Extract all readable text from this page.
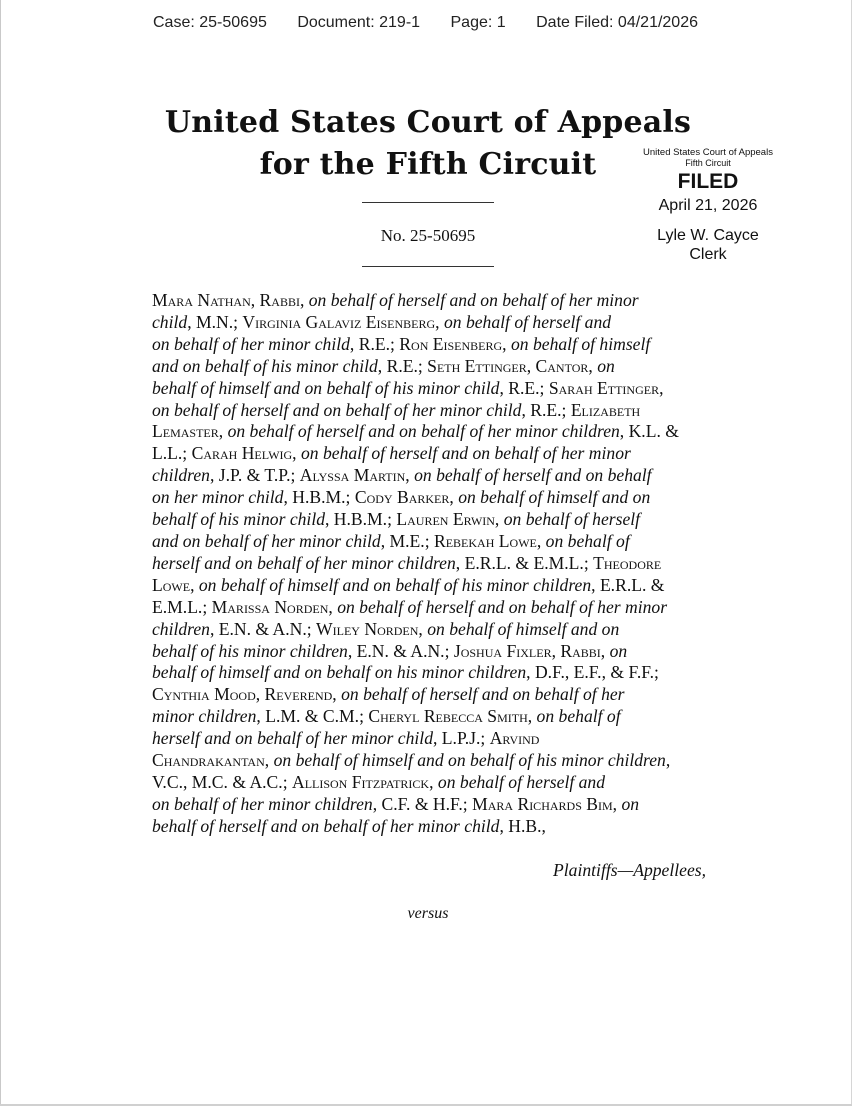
Case: 25-50695 Document: 219-1 Page: 1 Date Filed: 04/21/2026
United States Court of Appeals
for the Fifth Circuit
No. 25-50695
United States Court of Appeals
Fifth Circuit
FILED
April 21, 2026
Lyle W. Cayce
Clerk
Mara Nathan, Rabbi, on behalf of herself and on behalf of her minor
child, M.N.; Virginia Galaviz Eisenberg, on behalf of herself and
on behalf of her minor child, R.E.; Ron Eisenberg, on behalf of himself
and on behalf of his minor child, R.E.; Seth Ettinger, Cantor, on
behalf of himself and on behalf of his minor child, R.E.; Sarah Ettinger,
on behalf of herself and on behalf of her minor child, R.E.; Elizabeth
Lemaster, on behalf of herself and on behalf of her minor children, K.L. &
L.L.; Carah Helwig, on behalf of herself and on behalf of her minor
children, J.P. & T.P.; Alyssa Martin, on behalf of herself and on behalf
on her minor child, H.B.M.; Cody Barker, on behalf of himself and on
behalf of his minor child, H.B.M.; Lauren Erwin, on behalf of herself
and on behalf of her minor child, M.E.; Rebekah Lowe, on behalf of
herself and on behalf of her minor children, E.R.L. & E.M.L.; Theodore
Lowe, on behalf of himself and on behalf of his minor children, E.R.L. &
E.M.L.; Marissa Norden, on behalf of herself and on behalf of her minor
children, E.N. & A.N.; Wiley Norden, on behalf of himself and on
behalf of his minor children, E.N. & A.N.; Joshua Fixler, Rabbi, on
behalf of himself and on behalf on his minor children, D.F., E.F., & F.F.;
Cynthia Mood, Reverend, on behalf of herself and on behalf of her
minor children, L.M. & C.M.; Cheryl Rebecca Smith, on behalf of
herself and on behalf of her minor child, L.P.J.; Arvind
Chandrakantan, on behalf of himself and on behalf of his minor children,
V.C., M.C. & A.C.; Allison Fitzpatrick, on behalf of herself and
on behalf of her minor children, C.F. & H.F.; Mara Richards Bim, on
behalf of herself and on behalf of her minor child, H.B.,
Plaintiffs—Appellees,
versus
